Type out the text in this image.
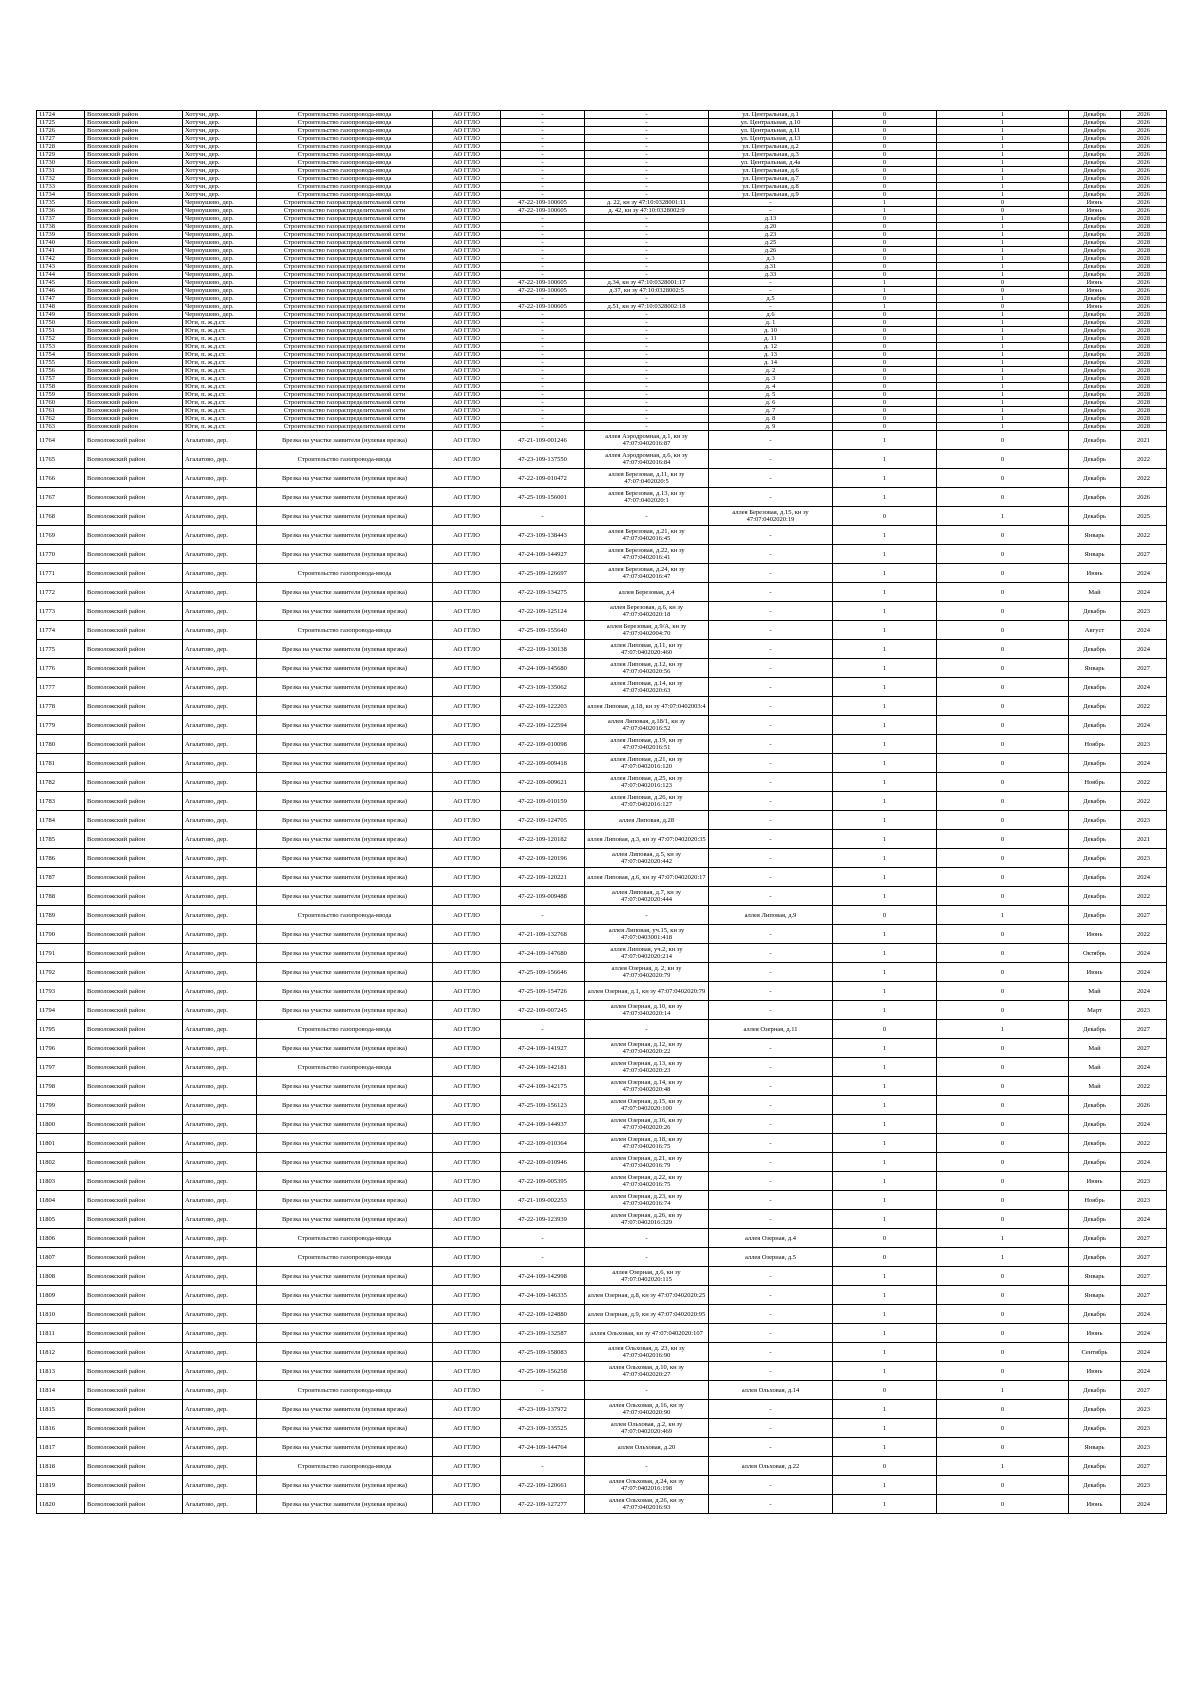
11724	Волховский район	Хотучи, дер.	Строительство газопровода-ввода	АО ГГЛО	-	-	ул. Центральная, д.1	0	1	Декабрь	2026
11725	Волховский район	Хотучи, дер.	Строительство газопровода-ввода	АО ГГЛО	-	-	ул. Центральная, д.10	0	1	Декабрь	2026
11726	Волховский район	Хотучи, дер.	Строительство газопровода-ввода	АО ГГЛО	-	-	ул. Центральная, д.11	0	1	Декабрь	2026
11727	Волховский район	Хотучи, дер.	Строительство газопровода-ввода	АО ГГЛО	-	-	ул. Центральная, д.13	0	1	Декабрь	2026
11728	Волховский район	Хотучи, дер.	Строительство газопровода-ввода	АО ГГЛО	-	-	ул. Центральная, д.2	0	1	Декабрь	2026
11729	Волховский район	Хотучи, дер.	Строительство газопровода-ввода	АО ГГЛО	-	-	ул. Центральная, д.3	0	1	Декабрь	2026
11730	Волховский район	Хотучи, дер.	Строительство газопровода-ввода	АО ГГЛО	-	-	ул. Центральная, д.4а	0	1	Декабрь	2026
11731	Волховский район	Хотучи, дер.	Строительство газопровода-ввода	АО ГГЛО	-	-	ул. Центральная, д.6	0	1	Декабрь	2026
11732	Волховский район	Хотучи, дер.	Строительство газопровода-ввода	АО ГГЛО	-	-	ул. Центральная, д.7	0	1	Декабрь	2026
11733	Волховский район	Хотучи, дер.	Строительство газопровода-ввода	АО ГГЛО	-	-	ул. Центральная, д.8	0	1	Декабрь	2026
11734	Волховский район	Хотучи, дер.	Строительство газопровода-ввода	АО ГГЛО	-	-	ул. Центральная, д.9	0	1	Декабрь	2026
11735	Волховский район	Черноушево, дер.	Строительство газораспределительной сети	АО ГГЛО	47-22-109-100605	д. 22, кн зу 47:10:0328001:11	-	1	0	Июнь	2026
11736	Волховский район	Черноушево, дер.	Строительство газораспределительной сети	АО ГГЛО	47-22-109-100605	д. 42, кн зу 47:10:0328002:9	-	1	0	Июнь	2026
11737	Волховский район	Черноушево, дер.	Строительство газораспределительной сети	АО ГГЛО	-	-	д.13	0	1	Декабрь	2028
11738	Волховский район	Черноушево, дер.	Строительство газораспределительной сети	АО ГГЛО	-	-	д.20	0	1	Декабрь	2028
11739	Волховский район	Черноушево, дер.	Строительство газораспределительной сети	АО ГГЛО	-	-	д.23	0	1	Декабрь	2028
11740	Волховский район	Черноушево, дер.	Строительство газораспределительной сети	АО ГГЛО	-	-	д.25	0	1	Декабрь	2028
11741	Волховский район	Черноушево, дер.	Строительство газораспределительной сети	АО ГГЛО	-	-	д.26	0	1	Декабрь	2028
11742	Волховский район	Черноушево, дер.	Строительство газораспределительной сети	АО ГГЛО	-	-	д.3	0	1	Декабрь	2028
11743	Волховский район	Черноушево, дер.	Строительство газораспределительной сети	АО ГГЛО	-	-	д.31	0	1	Декабрь	2028
11744	Волховский район	Черноушево, дер.	Строительство газораспределительной сети	АО ГГЛО	-	-	д.33	0	1	Декабрь	2028
11745	Волховский район	Черноушево, дер.	Строительство газораспределительной сети	АО ГГЛО	47-22-109-100605	д.34, кн зу 47:10:0328001:17	-	1	0	Июнь	2026
11746	Волховский район	Черноушево, дер.	Строительство газораспределительной сети	АО ГГЛО	47-22-109-100605	д.37, кн зу 47:10:0328002:5	-	1	0	Июнь	2026
11747	Волховский район	Черноушево, дер.	Строительство газораспределительной сети	АО ГГЛО	-	-	д.5	0	1	Декабрь	2028
11748	Волховский район	Черноушево, дер.	Строительство газораспределительной сети	АО ГГЛО	47-22-109-100605	д.51, кн зу 47:10:0328002:18	-	1	0	Июнь	2026
11749	Волховский район	Черноушево, дер.	Строительство газораспределительной сети	АО ГГЛО	-	-	д.6	0	1	Декабрь	2028
11750	Волховский район	Юги, п. ж.д.ст.	Строительство газораспределительной сети	АО ГГЛО	-	-	д. 1	0	1	Декабрь	2028
11751	Волховский район	Юги, п. ж.д.ст.	Строительство газораспределительной сети	АО ГГЛО	-	-	д. 10	0	1	Декабрь	2028
11752	Волховский район	Юги, п. ж.д.ст.	Строительство газораспределительной сети	АО ГГЛО	-	-	д. 11	0	1	Декабрь	2028
11753	Волховский район	Юги, п. ж.д.ст.	Строительство газораспределительной сети	АО ГГЛО	-	-	д. 12	0	1	Декабрь	2028
11754	Волховский район	Юги, п. ж.д.ст.	Строительство газораспределительной сети	АО ГГЛО	-	-	д. 13	0	1	Декабрь	2028
11755	Волховский район	Юги, п. ж.д.ст.	Строительство газораспределительной сети	АО ГГЛО	-	-	д. 14	0	1	Декабрь	2028
11756	Волховский район	Юги, п. ж.д.ст.	Строительство газораспределительной сети	АО ГГЛО	-	-	д. 2	0	1	Декабрь	2028
11757	Волховский район	Юги, п. ж.д.ст.	Строительство газораспределительной сети	АО ГГЛО	-	-	д. 3	0	1	Декабрь	2028
11758	Волховский район	Юги, п. ж.д.ст.	Строительство газораспределительной сети	АО ГГЛО	-	-	д. 4	0	1	Декабрь	2028
11759	Волховский район	Юги, п. ж.д.ст.	Строительство газораспределительной сети	АО ГГЛО	-	-	д. 5	0	1	Декабрь	2028
11760	Волховский район	Юги, п. ж.д.ст.	Строительство газораспределительной сети	АО ГГЛО	-	-	д. 6	0	1	Декабрь	2028
11761	Волховский район	Юги, п. ж.д.ст.	Строительство газораспределительной сети	АО ГГЛО	-	-	д. 7	0	1	Декабрь	2028
11762	Волховский район	Юги, п. ж.д.ст.	Строительство газораспределительной сети	АО ГГЛО	-	-	д. 8	0	1	Декабрь	2028
11763	Волховский район	Юги, п. ж.д.ст.	Строительство газораспределительной сети	АО ГГЛО	-	-	д. 9	0	1	Декабрь	2028
11764	Всеволожский район	Агалатово, дер.	Врезка на участке заявителя (нулевая врезка)	АО ГГЛО	47-21-109-001246	аллея Аэродромная, д.1, кн зу 47:07:0402016:87	-	1	0	Декабрь	2021
11765	Всеволожский район	Агалатово, дер.	Строительство газопровода-ввода	АО ГГЛО	47-23-109-137550	аллея Аэродромная, д.6, кн зу 47:07:0402016:84	-	1	0	Декабрь	2022
11766	Всеволожский район	Агалатово, дер.	Врезка на участке заявителя (нулевая врезка)	АО ГГЛО	47-22-109-010472	аллея Березовая, д.11, кн зу 47:07:0402020:5	-	1	0	Декабрь	2022
11767	Всеволожский район	Агалатово, дер.	Врезка на участке заявителя (нулевая врезка)	АО ГГЛО	47-25-109-156001	аллея Березовая, д.13, кн зу 47:07:0402020:1	-	1	0	Декабрь	2026
11768	Всеволожский район	Агалатово, дер.	Врезка на участке заявителя (нулевая врезка)	АО ГГЛО	-	-	аллея Березовая, д.15, кн зу 47:07:0402020:19	0	1	Декабрь	2025
11769	Всеволожский район	Агалатово, дер.	Врезка на участке заявителя (нулевая врезка)	АО ГГЛО	47-23-109-138443	аллея Березовая, д.21, кн зу 47:07:0402016:45	-	1	0	Январь	2022
11770	Всеволожский район	Агалатово, дер.	Врезка на участке заявителя (нулевая врезка)	АО ГГЛО	47-24-109-144927	аллея Березовая, д.22, кн зу 47:07:0402016:41	-	1	0	Январь	2027
11771	Всеволожский район	Агалатово, дер.	Строительство газопровода-ввода	АО ГГЛО	47-25-109-126697	аллея Березовая, д.24, кн зу 47:07:0402016:47	-	1	0	Июнь	2024
11772	Всеволожский район	Агалатово, дер.	Врезка на участке заявителя (нулевая врезка)	АО ГГЛО	47-22-109-134275	аллея Березовая, д.4	-	1	0	Май	2024
11773	Всеволожский район	Агалатово, дер.	Врезка на участке заявителя (нулевая врезка)	АО ГГЛО	47-22-109-125124	аллея Березовая, д.6, кн зу 47:07:0402020:18	-	1	0	Декабрь	2023
11774	Всеволожский район	Агалатово, дер.	Строительство газопровода-ввода	АО ГГЛО	47-25-109-155640	аллея Березовая, д.9/А, кн зу 47:07:0402004:70	-	1	0	Август	2024
11775	Всеволожский район	Агалатово, дер.	Врезка на участке заявителя (нулевая врезка)	АО ГГЛО	47-22-109-130138	аллея Липовая, д.11, кн зу 47:07:0402020:460	-	1	0	Декабрь	2024
11776	Всеволожский район	Агалатово, дер.	Врезка на участке заявителя (нулевая врезка)	АО ГГЛО	47-24-109-145680	аллея Липовая, д.12, кн зу 47:07:0402020:56	-	1	0	Январь	2027
11777	Всеволожский район	Агалатово, дер.	Врезка на участке заявителя (нулевая врезка)	АО ГГЛО	47-23-109-135062	аллея Липовая, д.14, кн зу 47:07:0402020:63	-	1	0	Декабрь	2024
11778	Всеволожский район	Агалатово, дер.	Врезка на участке заявителя (нулевая врезка)	АО ГГЛО	47-22-109-122203	аллея Липовая, д.18, кн зу 47:07:0402003:4	-	1	0	Декабрь	2022
11779	Всеволожский район	Агалатово, дер.	Врезка на участке заявителя (нулевая врезка)	АО ГГЛО	47-22-109-122594	аллея Липовая, д.18/1, кн зу 47:07:0402016:52	-	1	0	Декабрь	2024
11780	Всеволожский район	Агалатово, дер.	Врезка на участке заявителя (нулевая врезка)	АО ГГЛО	47-22-109-010098	аллея Липовая, д.19, кн зу 47:07:0402016:51	-	1	0	Ноябрь	2023
11781	Всеволожский район	Агалатово, дер.	Врезка на участке заявителя (нулевая врезка)	АО ГГЛО	47-22-109-009418	аллея Липовая, д.21, кн зу 47:07:0402016:120	-	1	0	Декабрь	2024
11782	Всеволожский район	Агалатово, дер.	Врезка на участке заявителя (нулевая врезка)	АО ГГЛО	47-22-109-009621	аллея Липовая, д.25, кн зу 47:07:0402016:123	-	1	0	Ноябрь	2022
11783	Всеволожский район	Агалатово, дер.	Врезка на участке заявителя (нулевая врезка)	АО ГГЛО	47-22-109-010159	аллея Липовая, д.26, кн зу 47:07:0402016:127	-	1	0	Декабрь	2022
11784	Всеволожский район	Агалатово, дер.	Врезка на участке заявителя (нулевая врезка)	АО ГГЛО	47-22-109-124705	аллея Липовая, д.28	-	1	0	Декабрь	2023
11785	Всеволожский район	Агалатово, дер.	Врезка на участке заявителя (нулевая врезка)	АО ГГЛО	47-22-109-120182	аллея Липовая, д.3, кн зу 47:07:0402020:35	-	1	0	Декабрь	2021
11786	Всеволожский район	Агалатово, дер.	Врезка на участке заявителя (нулевая врезка)	АО ГГЛО	47-22-109-120196	аллея Липовая, д.5, кн зу 47:07:0402020:442	-	1	0	Декабрь	2023
11787	Всеволожский район	Агалатово, дер.	Врезка на участке заявителя (нулевая врезка)	АО ГГЛО	47-22-109-120221	аллея Липовая, д.6, кн зу 47:07:0402020:17	-	1	0	Декабрь	2024
11788	Всеволожский район	Агалатово, дер.	Врезка на участке заявителя (нулевая врезка)	АО ГГЛО	47-22-109-009488	аллея Липовая, д.7, кн зу 47:07:0402020:444	-	1	0	Декабрь	2022
11789	Всеволожский район	Агалатово, дер.	Строительство газопровода-ввода	АО ГГЛО	-	-	аллея Липовая, д.9	0	1	Декабрь	2027
11790	Всеволожский район	Агалатово, дер.	Врезка на участке заявителя (нулевая врезка)	АО ГГЛО	47-21-109-132768	аллея Липовая, уч.15, кн зу 47:07:0403001:418	-	1	0	Июнь	2022
11791	Всеволожский район	Агалатово, дер.	Врезка на участке заявителя (нулевая врезка)	АО ГГЛО	47-24-109-147680	аллея Липовая, уч.2, кн зу 47:07:0402020:214	-	1	0	Октябрь	2024
11792	Всеволожский район	Агалатово, дер.	Врезка на участке заявителя (нулевая врезка)	АО ГГЛО	47-25-109-156646	аллея Озерная, д. 2, кн зу 47:07:0402020:79	-	1	0	Июнь	2024
11793	Всеволожский район	Агалатово, дер.	Врезка на участке заявителя (нулевая врезка)	АО ГГЛО	47-25-109-154726	аллея Озерная, д.1, кн зу 47:07:0402020:79	-	1	0	Май	2024
11794	Всеволожский район	Агалатово, дер.	Врезка на участке заявителя (нулевая врезка)	АО ГГЛО	47-22-109-007245	аллея Озерная, д.10, кн зу 47:07:0402020:14	-	1	0	Март	2023
11795	Всеволожский район	Агалатово, дер.	Строительство газопровода-ввода	АО ГГЛО	-	-	аллея Озерная, д.11	0	1	Декабрь	2027
11796	Всеволожский район	Агалатово, дер.	Врезка на участке заявителя (нулевая врезка)	АО ГГЛО	47-24-109-141927	аллея Озерная, д.12, кн зу 47:07:0402020:22	-	1	0	Май	2027
11797	Всеволожский район	Агалатово, дер.	Строительство газопровода-ввода	АО ГГЛО	47-24-109-142181	аллея Озерная, д.13, кн зу 47:07:0402020:23	-	1	0	Май	2024
11798	Всеволожский район	Агалатово, дер.	Врезка на участке заявителя (нулевая врезка)	АО ГГЛО	47-24-109-142175	аллея Озерная, д.14, кн зу 47:07:0402020:48	-	1	0	Май	2022
11799	Всеволожский район	Агалатово, дер.	Врезка на участке заявителя (нулевая врезка)	АО ГГЛО	47-25-109-156123	аллея Озерная, д.15, кн зу 47:07:0402020:100	-	1	0	Декабрь	2026
11800	Всеволожский район	Агалатово, дер.	Врезка на участке заявителя (нулевая врезка)	АО ГГЛО	47-24-109-144937	аллея Озерная, д.16, кн зу 47:07:0402020:26	-	1	0	Декабрь	2024
11801	Всеволожский район	Агалатово, дер.	Врезка на участке заявителя (нулевая врезка)	АО ГГЛО	47-22-109-010364	аллея Озерная, д.18, кн зу 47:07:0402016:75	-	1	0	Декабрь	2022
11802	Всеволожский район	Агалатово, дер.	Врезка на участке заявителя (нулевая врезка)	АО ГГЛО	47-22-109-010946	аллея Озерная, д.21, кн зу 47:07:0402016:79	-	1	0	Декабрь	2024
11803	Всеволожский район	Агалатово, дер.	Врезка на участке заявителя (нулевая врезка)	АО ГГЛО	47-22-109-005395	аллея Озерная, д.22, кн зу 47:07:0402016:75	-	1	0	Июнь	2023
11804	Всеволожский район	Агалатово, дер.	Врезка на участке заявителя (нулевая врезка)	АО ГГЛО	47-21-109-002253	аллея Озерная, д.23, кн зу 47:07:0402016:74	-	1	0	Ноябрь	2023
11805	Всеволожский район	Агалатово, дер.	Врезка на участке заявителя (нулевая врезка)	АО ГГЛО	47-22-109-123939	аллея Озерная, д.26, кн зу 47:07:0402016:329	-	1	0	Декабрь	2024
11806	Всеволожский район	Агалатово, дер.	Строительство газопровода-ввода	АО ГГЛО	-	-	аллея Озерная, д.4	0	1	Декабрь	2027
11807	Всеволожский район	Агалатово, дер.	Строительство газопровода-ввода	АО ГГЛО	-	-	аллея Озерная, д.5	0	1	Декабрь	2027
11808	Всеволожский район	Агалатово, дер.	Врезка на участке заявителя (нулевая врезка)	АО ГГЛО	47-24-109-142998	аллея Озерная, д.6, кн зу 47:07:0402020:115	-	1	0	Январь	2027
11809	Всеволожский район	Агалатово, дер.	Врезка на участке заявителя (нулевая врезка)	АО ГГЛО	47-24-109-146335	аллея Озерная, д.8, кн зу 47:07:0402020:25	-	1	0	Январь	2027
11810	Всеволожский район	Агалатово, дер.	Врезка на участке заявителя (нулевая врезка)	АО ГГЛО	47-22-109-124880	аллея Озерная, д.9, кн зу 47:07:0402020:95	-	1	0	Декабрь	2024
11811	Всеволожский район	Агалатово, дер.	Врезка на участке заявителя (нулевая врезка)	АО ГГЛО	47-23-109-132587	аллея Ольховая, кн зу 47:07:0402020:107	-	1	0	Июнь	2024
11812	Всеволожский район	Агалатово, дер.	Врезка на участке заявителя (нулевая врезка)	АО ГГЛО	47-25-109-158083	аллея Ольховая, д. 23, кн зу 47:07:0402016:90	-	1	0	Сентябрь	2024
11813	Всеволожский район	Агалатово, дер.	Врезка на участке заявителя (нулевая врезка)	АО ГГЛО	47-25-109-156258	аллея Ольховая, д.10, кн зу 47:07:0402020:27	-	1	0	Июнь	2024
11814	Всеволожский район	Агалатово, дер.	Строительство газопровода-ввода	АО ГГЛО	-	-	аллея Ольховая, д.14	0	1	Декабрь	2027
11815	Всеволожский район	Агалатово, дер.	Врезка на участке заявителя (нулевая врезка)	АО ГГЛО	47-23-109-137972	аллея Ольховая, д.16, кн зу 47:07:0402020:90	-	1	0	Декабрь	2023
11816	Всеволожский район	Агалатово, дер.	Врезка на участке заявителя (нулевая врезка)	АО ГГЛО	47-23-109-135525	аллея Ольховая, д.2, кн зу 47:07:0402020:469	-	1	0	Декабрь	2023
11817	Всеволожский район	Агалатово, дер.	Врезка на участке заявителя (нулевая врезка)	АО ГГЛО	47-24-109-144764	аллея Ольховая, д.20	-	1	0	Январь	2023
11818	Всеволожский район	Агалатово, дер.	Строительство газопровода-ввода	АО ГГЛО	-	-	аллея Ольховая, д.22	0	1	Декабрь	2027
11819	Всеволожский район	Агалатово, дер.	Врезка на участке заявителя (нулевая врезка)	АО ГГЛО	47-22-109-120661	аллея Ольховая, д.24, кн зу 47:07:0402016:198	-	1	0	Декабрь	2023
11820	Всеволожский район	Агалатово, дер.	Врезка на участке заявителя (нулевая врезка)	АО ГГЛО	47-22-109-127277	аллея Ольховая, д.26, кн зу 47:07:0402016:93	-	1	0	Июнь	2024
